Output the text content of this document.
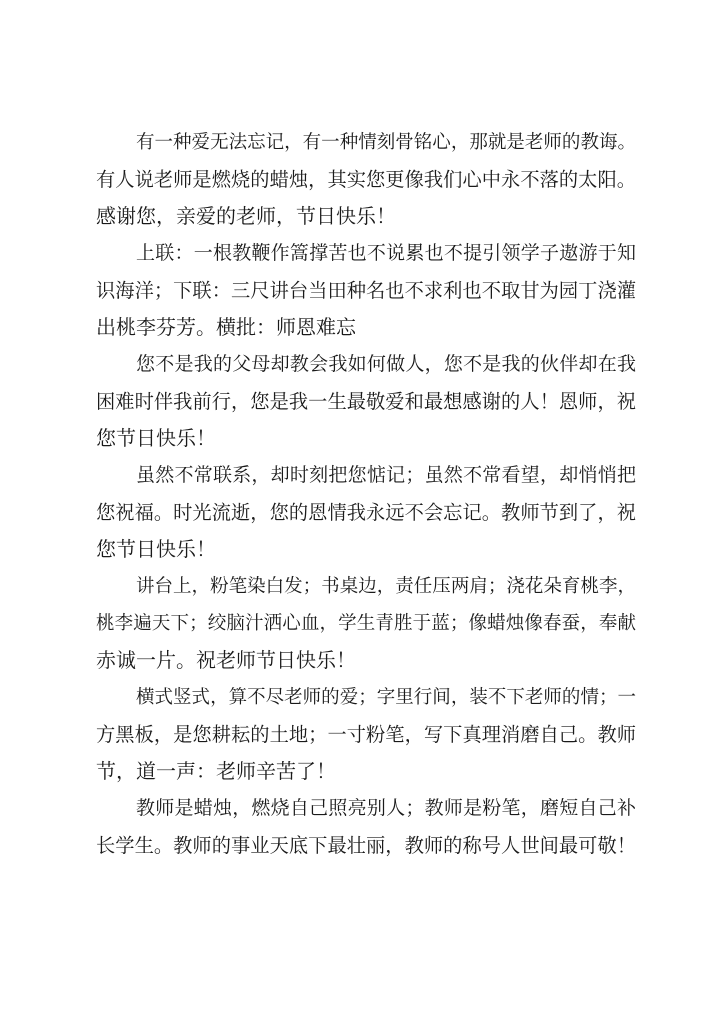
有一种爱无法忘记，有一种情刻骨铭心，那就是老师的教诲。
有人说老师是燃烧的蜡烛，其实您更像我们心中永不落的太阳。
感谢您，亲爱的老师，节日快乐！
上联：一根教鞭作篙撑苦也不说累也不提引领学子遨游于知
识海洋；下联：三尺讲台当田种名也不求利也不取甘为园丁浇灌
出桃李芬芳。横批：师恩难忘
您不是我的父母却教会我如何做人，您不是我的伙伴却在我
困难时伴我前行，您是我一生最敬爱和最想感谢的人！恩师，祝
您节日快乐！
虽然不常联系，却时刻把您惦记；虽然不常看望，却悄悄把
您祝福。时光流逝，您的恩情我永远不会忘记。教师节到了，祝
您节日快乐！
讲台上，粉笔染白发；书桌边，责任压两肩；浇花朵育桃李，
桃李遍天下；绞脑汁洒心血，学生青胜于蓝；像蜡烛像春蚕，奉献
赤诚一片。祝老师节日快乐！
横式竖式，算不尽老师的爱；字里行间，装不下老师的情；一
方黑板，是您耕耘的土地；一寸粉笔，写下真理消磨自己。教师
节，道一声：老师辛苦了！
教师是蜡烛，燃烧自己照亮别人；教师是粉笔，磨短自己补
长学生。教师的事业天底下最壮丽，教师的称号人世间最可敬！
